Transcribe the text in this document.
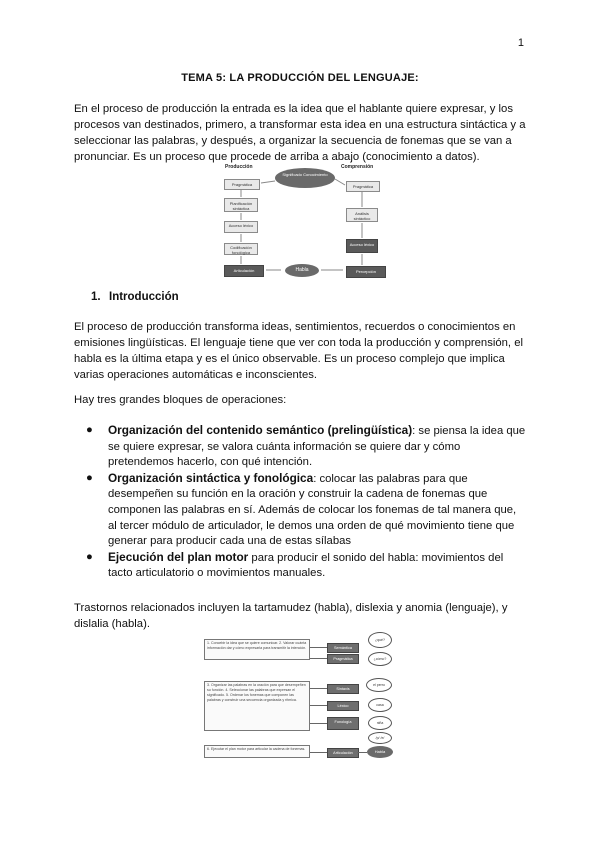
1
TEMA 5: LA PRODUCCIÓN DEL LENGUAJE:
En el proceso de producción la entrada es la idea que el hablante quiere expresar, y los procesos van destinados, primero, a transformar esta idea en una estructura sintáctica y a seleccionar las palabras, y después, a organizar la secuencia de fonemas que se van a pronunciar. Es un proceso que procede de arriba a abajo (conocimiento a datos).
Producción	Comprensión
Significado Conocimiento
Pragmática
Planificación sintáctica
Acceso léxico
Codificación fonológica
Articulación
Pragmática
Análisis sintáctico
Acceso léxico
Percepción
Habla
1. Introducción
El proceso de producción transforma ideas, sentimientos, recuerdos o conocimientos en emisiones lingüísticas. El lenguaje tiene que ver con toda la producción y comprensión, el habla es la última etapa y es el único observable. Es un proceso complejo que implica varias operaciones automáticas e inconscientes.
Hay tres grandes bloques de operaciones:
● Organización del contenido semántico (prelingüística): se piensa la idea que se quiere expresar, se valora cuánta información se quiere dar y cómo pretendemos hacerlo, con qué intención.
● Organización sintáctica y fonológica: colocar las palabras para que desempeñen su función en la oración y construir la cadena de fonemas que componen las palabras en sí. Además de colocar los fonemas de tal manera que, al tercer módulo de articulador, le demos una orden de qué movimiento tiene que generar para producir cada una de estas sílabas
● Ejecución del plan motor para producir el sonido del habla: movimientos del tacto articulatorio o movimientos manuales.
Trastornos relacionados incluyen la tartamudez (habla), dislexia y anomia (lenguaje), y dislalia (habla).
1. Concebir la idea que se quiere comunicar. 2. Valorar cuánta información dar y cómo expresarla para transmitir la intención.
3. Organizar las palabras en la oración para que desempeñen su función. 4. Seleccionar las palabras que expresan el significado. 5. Ordenar los fonemas que componen las palabras y construir una secuencia organizada y rítmica.
6. Ejecutar el plan motor para articular la cadena de fonemas.
Semántica
Pragmática
Sintaxis
Léxico
Fonología
Articulación	Habla
¿qué?
¿cómo?
el perro
casa
niña
/p/ /e/
